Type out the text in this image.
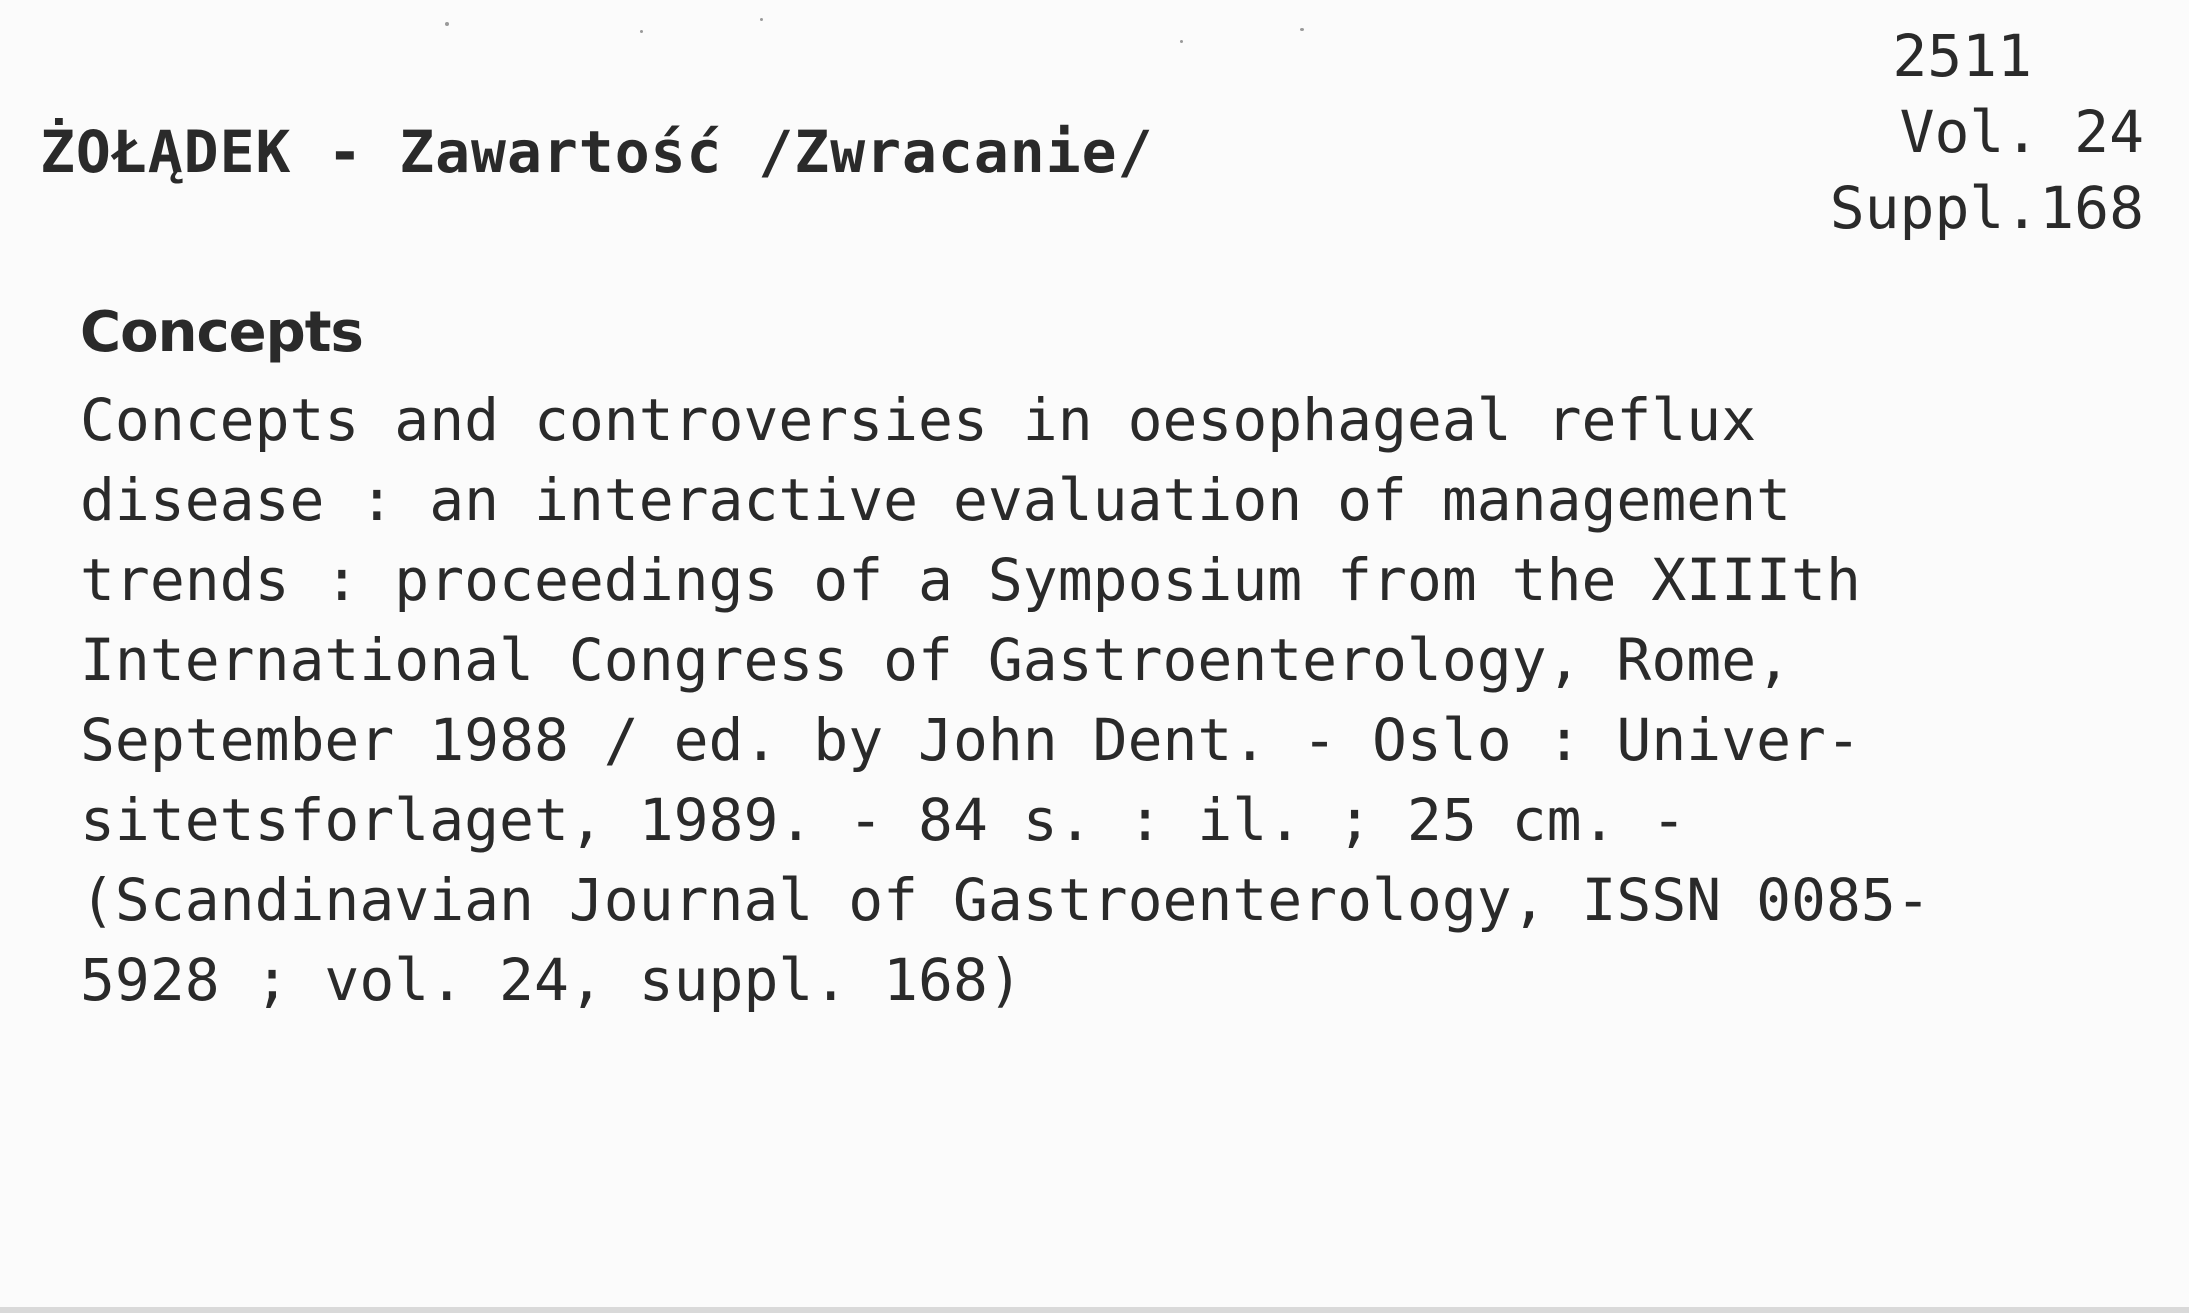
ŻOŁĄDEK - Zawartość /Zwracanie/
2511
Vol. 24
Suppl.168
Concepts
Concepts and controversies in oesophageal reflux
disease : an interactive evaluation of management
trends : proceedings of a Symposium from the XIIIth
International Congress of Gastroenterology, Rome,
September 1988 / ed. by John Dent. - Oslo : Univer-
sitetsforlaget, 1989. - 84 s. : il. ; 25 cm. -
(Scandinavian Journal of Gastroenterology, ISSN 0085-
5928 ; vol. 24, suppl. 168)
